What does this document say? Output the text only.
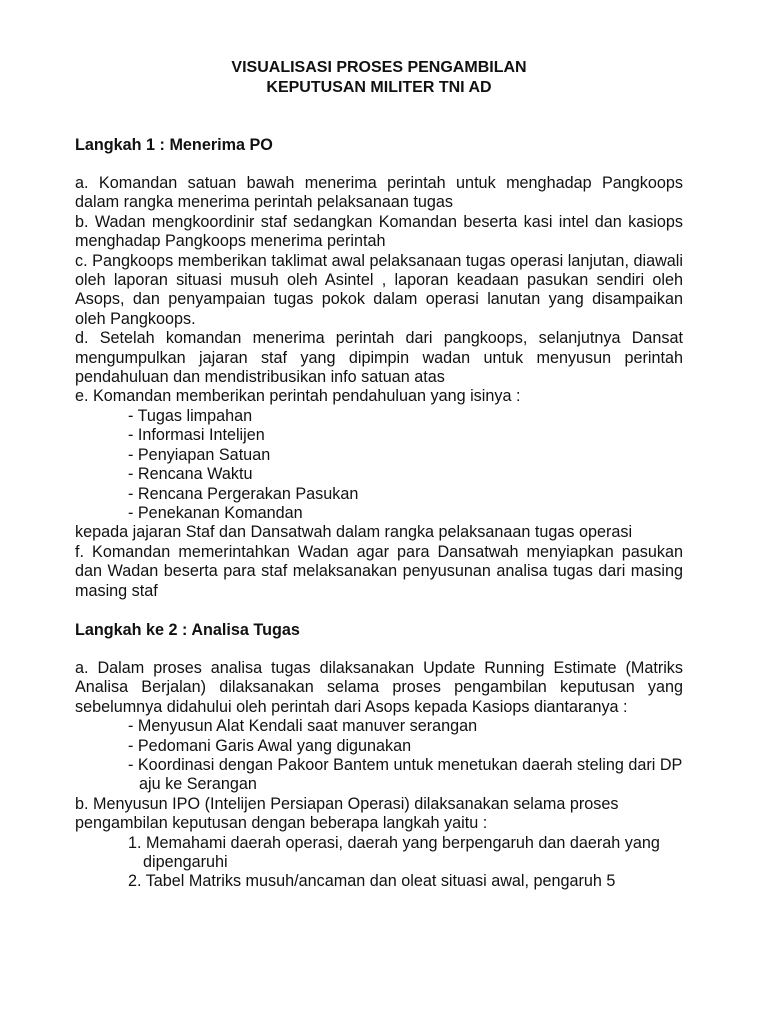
VISUALISASI PROSES PENGAMBILAN
KEPUTUSAN MILITER TNI AD
Langkah 1 : Menerima PO

a. Komandan satuan bawah menerima perintah untuk menghadap Pangkoops dalam rangka menerima perintah pelaksanaan tugas

b. Wadan mengkoordinir staf sedangkan Komandan beserta kasi intel dan kasiops menghadap Pangkoops menerima perintah

c. Pangkoops memberikan taklimat awal pelaksanaan tugas operasi lanjutan, diawali oleh laporan situasi musuh oleh Asintel , laporan keadaan pasukan sendiri oleh Asops, dan penyampaian tugas pokok dalam operasi lanutan yang disampaikan oleh Pangkoops.

d. Setelah komandan menerima perintah dari pangkoops, selanjutnya Dansat mengumpulkan jajaran staf yang dipimpin wadan untuk menyusun perintah pendahuluan dan mendistribusikan info satuan atas

e. Komandan memberikan perintah pendahuluan yang isinya :

- Tugas limpahan
- Informasi Intelijen
- Penyiapan Satuan
- Rencana Waktu
- Rencana Pergerakan Pasukan
- Penekanan Komandan

kepada jajaran Staf dan Dansatwah dalam rangka pelaksanaan tugas operasi

f. Komandan memerintahkan Wadan agar para Dansatwah menyiapkan pasukan dan Wadan beserta para staf melaksanakan penyusunan analisa tugas dari masing masing staf

Langkah ke 2 : Analisa Tugas

a. Dalam proses analisa tugas dilaksanakan Update Running Estimate (Matriks Analisa Berjalan) dilaksanakan selama proses pengambilan keputusan yang sebelumnya didahului oleh perintah dari Asops kepada Kasiops diantaranya :

- Menyusun Alat Kendali saat manuver serangan
- Pedomani Garis Awal yang digunakan
- Koordinasi dengan Pakoor Bantem untuk menetukan daerah steling dari DP aju ke Serangan

b. Menyusun IPO (Intelijen Persiapan Operasi) dilaksanakan selama proses pengambilan keputusan dengan beberapa langkah yaitu :

1. Memahami daerah operasi, daerah yang berpengaruh dan daerah yang dipengaruhi
2. Tabel Matriks musuh/ancaman dan oleat situasi awal, pengaruh 5
